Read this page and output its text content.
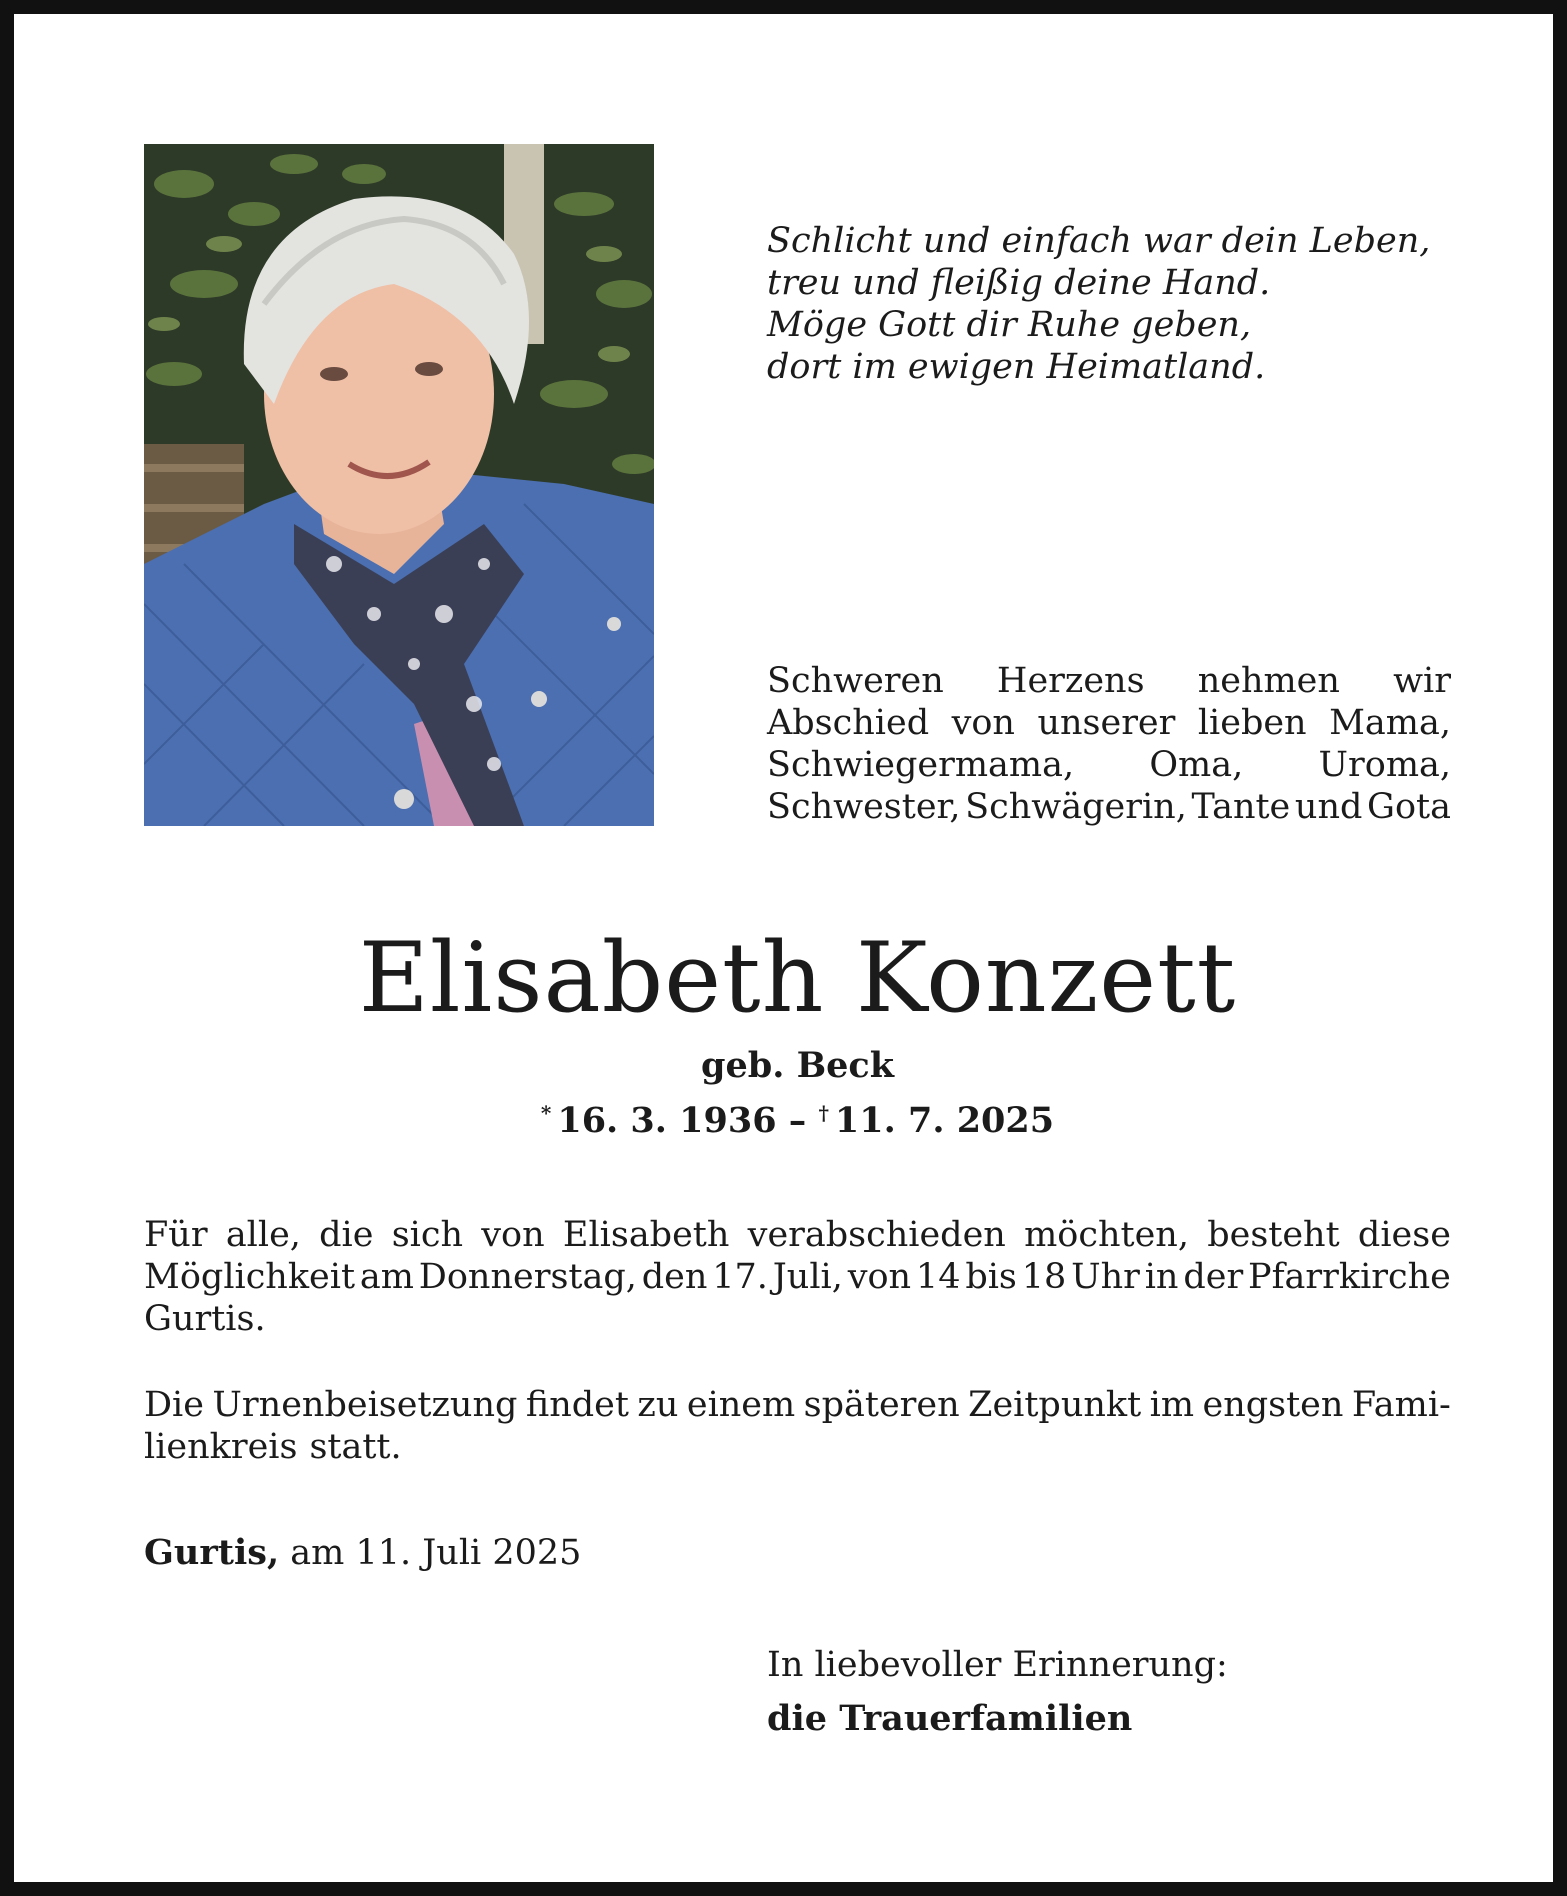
Schlicht und einfach war dein Leben,
treu und fleißig deine Hand.
Möge Gott dir Ruhe geben,
dort im ewigen Heimatland.
Schweren Herzens nehmen wir
Abschied von unserer lieben Mama,
Schwiegermama, Oma, Uroma,
Schwester, Schwägerin, Tante und Gota
Elisabeth Konzett
geb. Beck
* 16. 3. 1936 – † 11. 7. 2025
Für alle, die sich von Elisabeth verabschieden möchten, besteht diese
Möglichkeit am Donnerstag, den 17. Juli, von 14 bis 18 Uhr in der Pfarrkirche
Gurtis.
Die Urnenbeisetzung findet zu einem späteren Zeitpunkt im engsten Fami-
lienkreis statt.
Gurtis, am 11. Juli 2025
In liebevoller Erinnerung:
die Trauerfamilien
